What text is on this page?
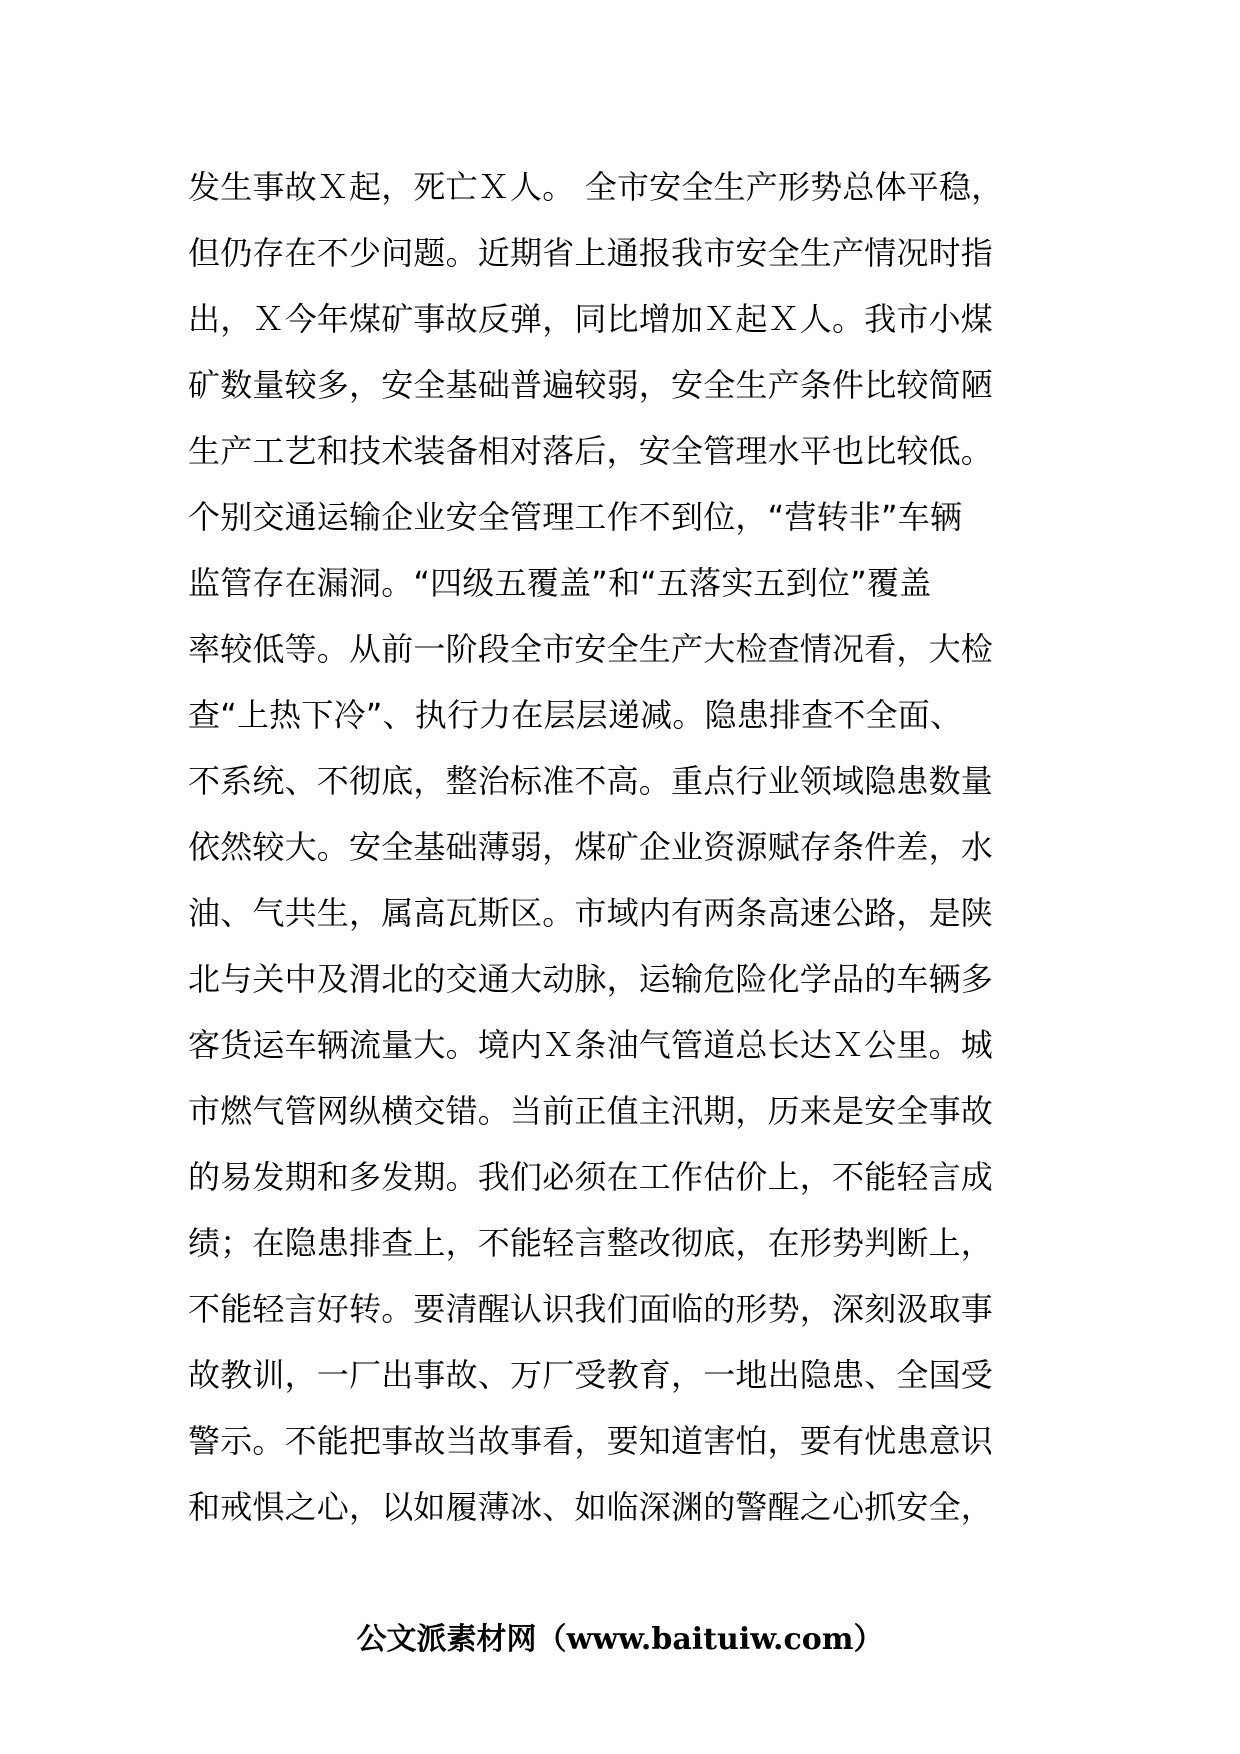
发生事故Ｘ起，死亡Ｘ人。 全市安全生产形势总体平稳，
但仍存在不少问题。近期省上通报我市安全生产情况时指
出，Ｘ今年煤矿事故反弹，同比增加Ｘ起Ｘ人。我市小煤
矿数量较多，安全基础普遍较弱，安全生产条件比较简陋
生产工艺和技术装备相对落后，安全管理水平也比较低。
个别交通运输企业安全管理工作不到位，“营转非”车辆
监管存在漏洞。“四级五覆盖”和“五落实五到位”覆盖
率较低等。从前一阶段全市安全生产大检查情况看，大检
查“上热下冷”、执行力在层层递减。隐患排查不全面、
不系统、不彻底，整治标准不高。重点行业领域隐患数量
依然较大。安全基础薄弱，煤矿企业资源赋存条件差，水
油、气共生，属高瓦斯区。市域内有两条高速公路，是陕
北与关中及渭北的交通大动脉，运输危险化学品的车辆多
客货运车辆流量大。境内Ｘ条油气管道总长达Ｘ公里。城
市燃气管网纵横交错。当前正值主汛期，历来是安全事故
的易发期和多发期。我们必须在工作估价上，不能轻言成
绩；在隐患排查上，不能轻言整改彻底，在形势判断上，
不能轻言好转。要清醒认识我们面临的形势，深刻汲取事
故教训，一厂出事故、万厂受教育，一地出隐患、全国受
警示。不能把事故当故事看，要知道害怕，要有忧患意识
和戒惧之心，以如履薄冰、如临深渊的警醒之心抓安全，
公文派素材网（www.baituiw.com）
